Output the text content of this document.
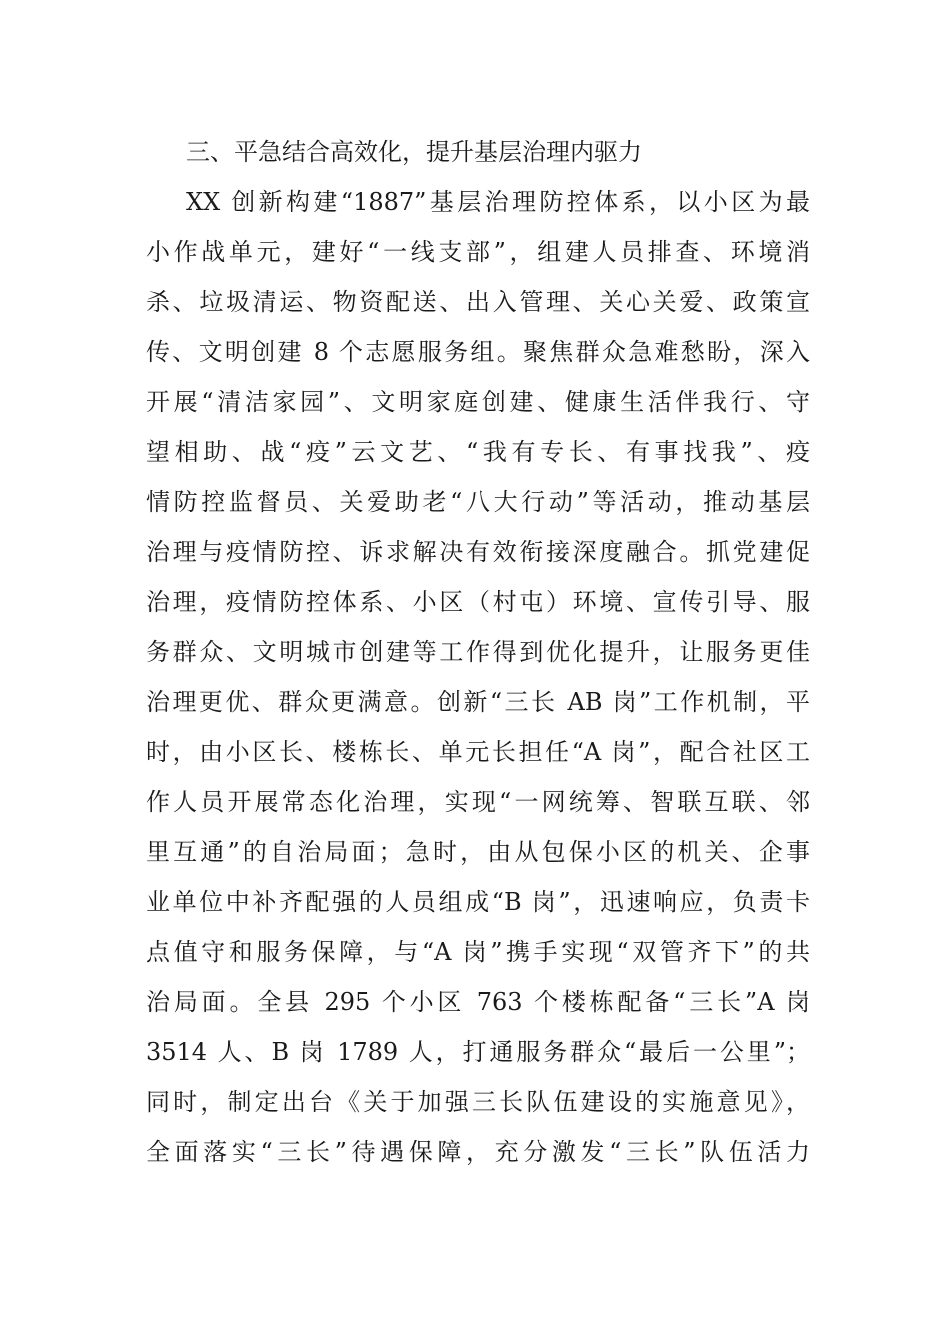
三、平急结合高效化，提升基层治理内驱力
XX 创新构建“1887”基层治理防控体系，以小区为最
小作战单元，建好“一线支部”，组建人员排查、环境消
杀、垃圾清运、物资配送、出入管理、关心关爱、政策宣
传、文明创建 8 个志愿服务组。聚焦群众急难愁盼，深入
开展“清洁家园”、文明家庭创建、健康生活伴我行、守
望相助、战“疫”云文艺、“我有专长、有事找我”、疫
情防控监督员、关爱助老“八大行动”等活动，推动基层
治理与疫情防控、诉求解决有效衔接深度融合。抓党建促
治理，疫情防控体系、小区（村屯）环境、宣传引导、服
务群众、文明城市创建等工作得到优化提升，让服务更佳
治理更优、群众更满意。创新“三长 AB 岗”工作机制，平
时，由小区长、楼栋长、单元长担任“A 岗”，配合社区工
作人员开展常态化治理，实现“一网统筹、智联互联、邻
里互通”的自治局面；急时，由从包保小区的机关、企事
业单位中补齐配强的人员组成“B 岗”，迅速响应，负责卡
点值守和服务保障，与“A 岗”携手实现“双管齐下”的共
治局面。全县 295 个小区 763 个楼栋配备“三长”A 岗
3514 人、B 岗 1789 人，打通服务群众“最后一公里”；
同时，制定出台《关于加强三长队伍建设的实施意见》，
全面落实“三长”待遇保障，充分激发“三长”队伍活力
